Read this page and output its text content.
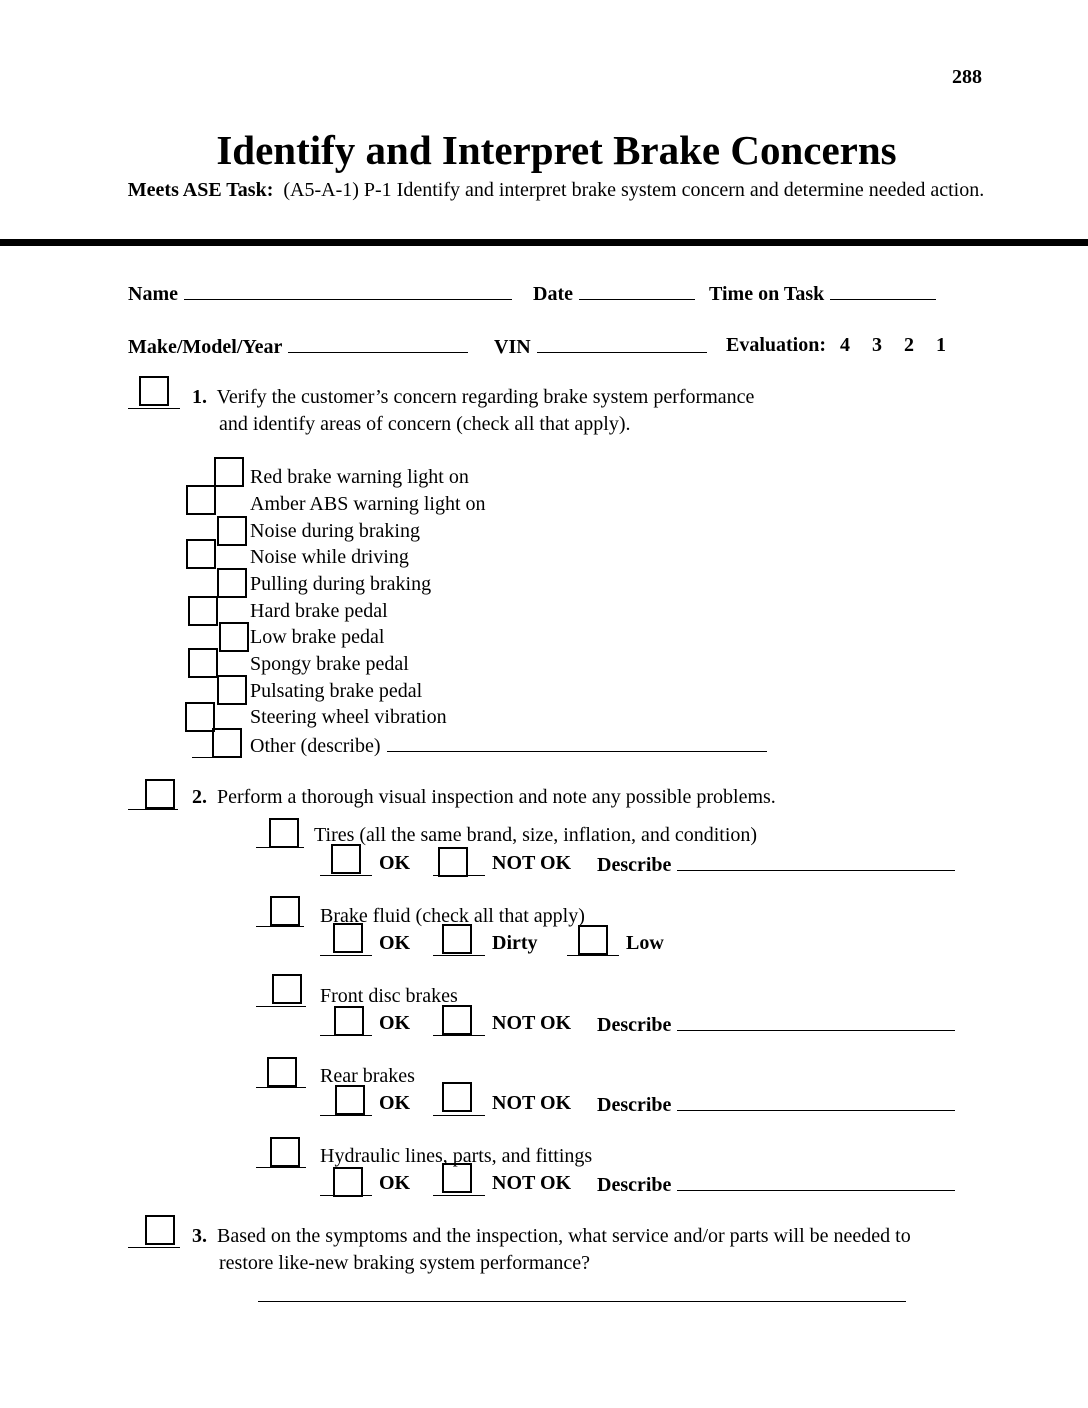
288
Identify and Interpret Brake Concerns
Meets ASE Task: (A5-A-1) P-1 Identify and interpret brake system concern and determine needed action.
Name	Date	Time on Task
Make/Model/Year	VIN	Evaluation: 4 3 2 1
1. Verify the customer’s concern regarding brake system performance
and identify areas of concern (check all that apply).
Red brake warning light on
Amber ABS warning light on
Noise during braking
Noise while driving
Pulling during braking
Hard brake pedal
Low brake pedal
Spongy brake pedal
Pulsating brake pedal
Steering wheel vibration
Other (describe)
2. Perform a thorough visual inspection and note any possible problems.
Tires (all the same brand, size, inflation, and condition)
OK	NOT OK Describe
Brake fluid (check all that apply)
OK	Dirty	Low
Front disc brakes
OK	NOT OK Describe
Rear brakes
OK	NOT OK Describe
Hydraulic lines, parts, and fittings
OK	NOT OK Describe
3. Based on the symptoms and the inspection, what service and/or parts will be needed to
restore like-new braking system performance?
